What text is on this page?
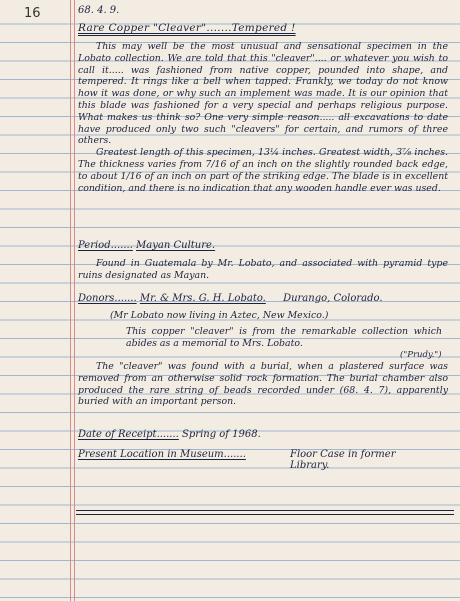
16	68. 4. 9.
Rare Copper "Cleaver".......Tempered !

This may well be the most unusual and sensational specimen in the Lobato collection. We are told that this "cleaver".... or whatever you wish to call it..... was fashioned from native copper, pounded into shape, and tempered. It rings like a bell when tapped. Frankly, we today do not know how it was done, or why such an implement was made. It is our opinion that this blade was fashioned for a very special and perhaps religious purpose. What makes us think so? One very simple reason..... all excavations to date have produced only two such "cleavers" for certain, and rumors of three others.

Greatest length of this specimen, 13¼ inches. Greatest width, 3⅞ inches. The thickness varies from 7/16 of an inch on the slightly rounded back edge, to about 1/16 of an inch on part of the striking edge. The blade is in excellent condition, and there is no indication that any wooden handle ever was used.

Period....... Mayan Culture.

Found in Guatemala by Mr. Lobato, and associated with pyramid type ruins designated as Mayan.

Donors....... Mr. & Mrs. G. H. Lobato. Durango, Colorado.
(Mr Lobato now living in Aztec, New Mexico.)

This copper "cleaver" is from the remarkable collection which abides as a memorial to Mrs. Lobato.

("Prudy.")

The "cleaver" was found with a burial, when a plastered surface was removed from an otherwise solid rock formation. The burial chamber also produced the rare string of beads recorded under (68. 4. 7), apparently buried with an important person.

Date of Receipt....... Spring of 1968.
Present Location in Museum.......	Floor Case in former Library.
